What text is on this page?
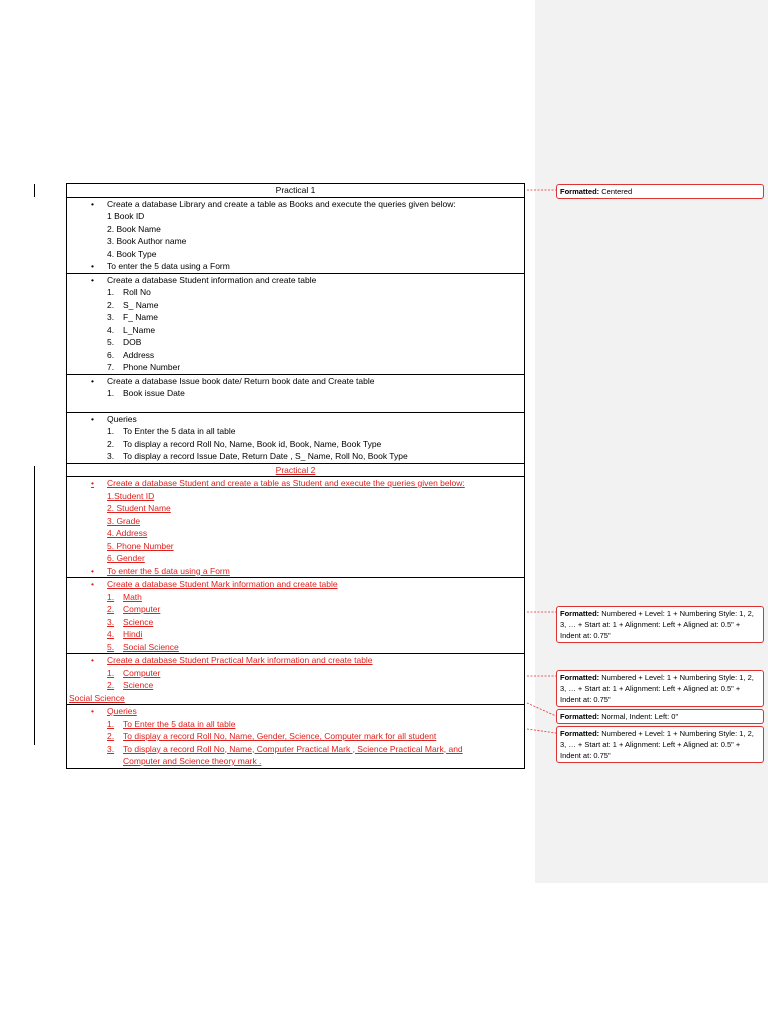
Practical 1

• Create a database Library and create a table as Books and execute the queries given below:
1 Book ID
2. Book Name
3. Book Author name
4. Book Type
• To enter the 5 data using a Form

• Create a database Student information and create table
1. Roll No
2. S_ Name
3. F_ Name
4. L_Name
5. DOB
6. Address
7. Phone Number

• Create a database Issue book date/ Return book date and Create table
1. Book issue Date

• Queries
1. To Enter the 5 data in all table
2. To display a record Roll No, Name, Book id, Book, Name, Book Type
3. To display a record Issue Date, Return Date , S_ Name, Roll No, Book Type

Practical 2

• Create a database Student and create a table as Student and execute the queries given below:
1.Student ID
2. Student Name
3. Grade
4. Address
5. Phone Number
6. Gender
• To enter the 5 data using a Form

• Create a database Student Mark information and create table
1. Math
2. Computer
3. Science
4. Hindi
5. Social Science

• Create a database Student Practical Mark information and create table
1. Computer
2. Science
Social Science

• Queries
1. To Enter the 5 data in all table
2. To display a record Roll No, Name, Gender, Science, Computer mark for all student
3. To display a record Roll No, Name, Computer Practical Mark , Science Practical Mark, and
Computer and Science theory mark .
Formatted: Centered
Formatted: Numbered + Level: 1 + Numbering Style: 1, 2, 3, … + Start at: 1 + Alignment: Left + Aligned at: 0.5" + Indent at: 0.75"
Formatted: Numbered + Level: 1 + Numbering Style: 1, 2, 3, … + Start at: 1 + Alignment: Left + Aligned at: 0.5" + Indent at: 0.75"
Formatted: Normal, Indent: Left: 0"
Formatted: Numbered + Level: 1 + Numbering Style: 1, 2, 3, … + Start at: 1 + Alignment: Left + Aligned at: 0.5" + Indent at: 0.75"
